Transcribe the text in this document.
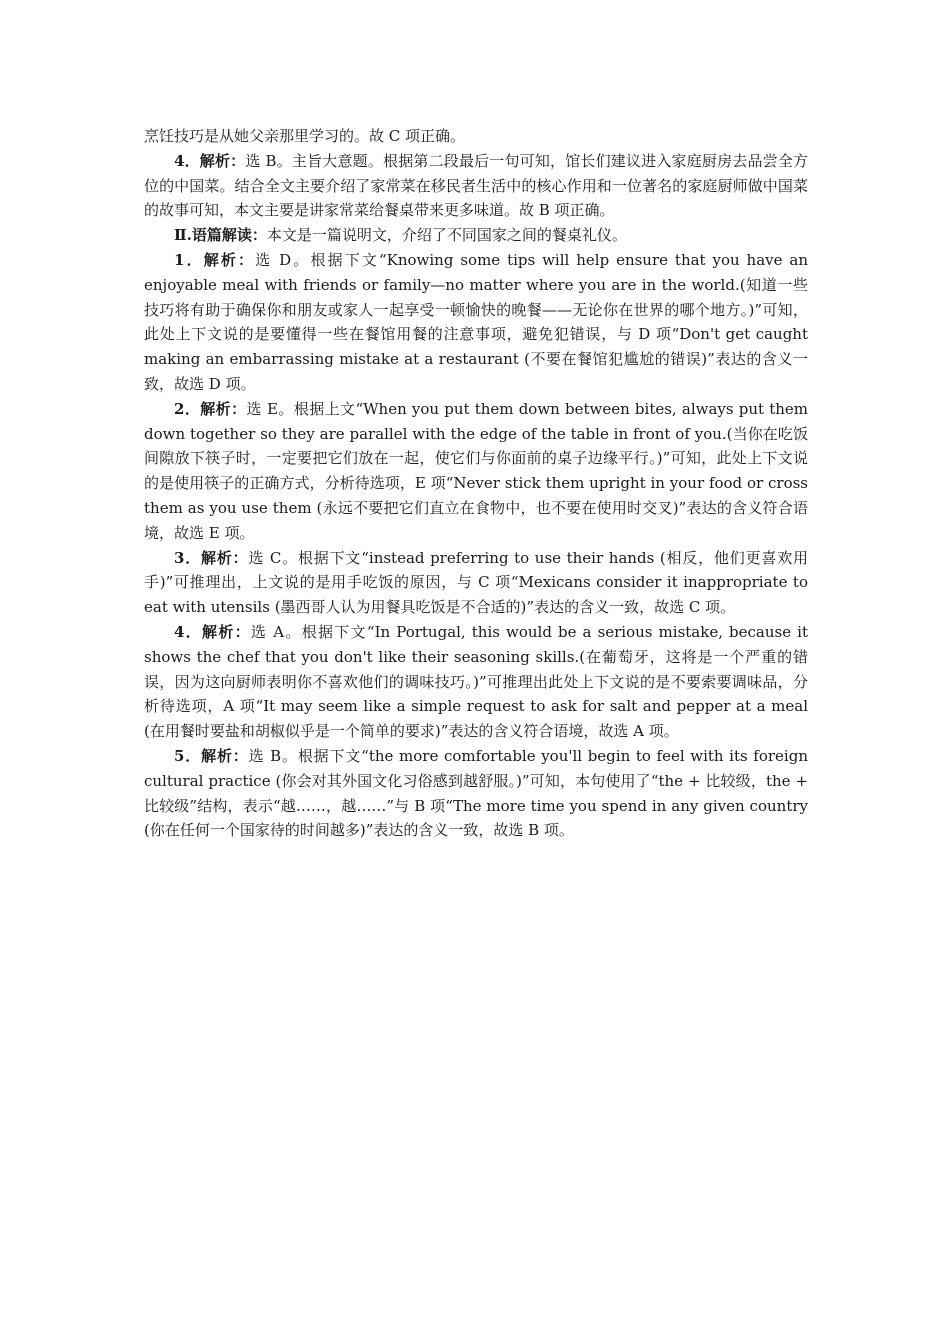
烹饪技巧是从她父亲那里学习的。故 C 项正确。

4．解析：选 B。主旨大意题。根据第二段最后一句可知，馆长们建议进入家庭厨房去品尝全方位的中国菜。结合全文主要介绍了家常菜在移民者生活中的核心作用和一位著名的家庭厨师做中国菜的故事可知，本文主要是讲家常菜给餐桌带来更多味道。故 B 项正确。

Ⅱ.语篇解读：本文是一篇说明文，介绍了不同国家之间的餐桌礼仪。

1．解析：选 D。根据下文“Knowing some tips will help ensure that you have an enjoyable meal with friends or family—no matter where you are in the world.(知道一些技巧将有助于确保你和朋友或家人一起享受一顿愉快的晚餐——无论你在世界的哪个地方。)”可知，此处上下文说的是要懂得一些在餐馆用餐的注意事项，避免犯错误，与 D 项“Don't get caught making an embarrassing mistake at a restaurant (不要在餐馆犯尴尬的错误)”表达的含义一致，故选 D 项。

2．解析：选 E。根据上文“When you put them down between bites, always put them down together so they are parallel with the edge of the table in front of you.(当你在吃饭间隙放下筷子时，一定要把它们放在一起，使它们与你面前的桌子边缘平行。)”可知，此处上下文说的是使用筷子的正确方式，分析待选项，E 项“Never stick them upright in your food or cross them as you use them (永远不要把它们直立在食物中，也不要在使用时交叉)”表达的含义符合语境，故选 E 项。

3．解析：选 C。根据下文“instead preferring to use their hands (相反，他们更喜欢用手)”可推理出，上文说的是用手吃饭的原因，与 C 项“Mexicans consider it inappropriate to eat with utensils (墨西哥人认为用餐具吃饭是不合适的)”表达的含义一致，故选 C 项。

4．解析：选 A。根据下文“In Portugal, this would be a serious mistake, because it shows the chef that you don't like their seasoning skills.(在葡萄牙，这将是一个严重的错误，因为这向厨师表明你不喜欢他们的调味技巧。)”可推理出此处上下文说的是不要索要调味品，分析待选项，A 项“It may seem like a simple request to ask for salt and pepper at a meal (在用餐时要盐和胡椒似乎是一个简单的要求)”表达的含义符合语境，故选 A 项。

5．解析：选 B。根据下文“the more comfortable you'll begin to feel with its foreign cultural practice (你会对其外国文化习俗感到越舒服。)”可知，本句使用了“the + 比较级，the + 比较级”结构，表示“越……，越……”与 B 项“The more time you spend in any given country (你在任何一个国家待的时间越多)”表达的含义一致，故选 B 项。
